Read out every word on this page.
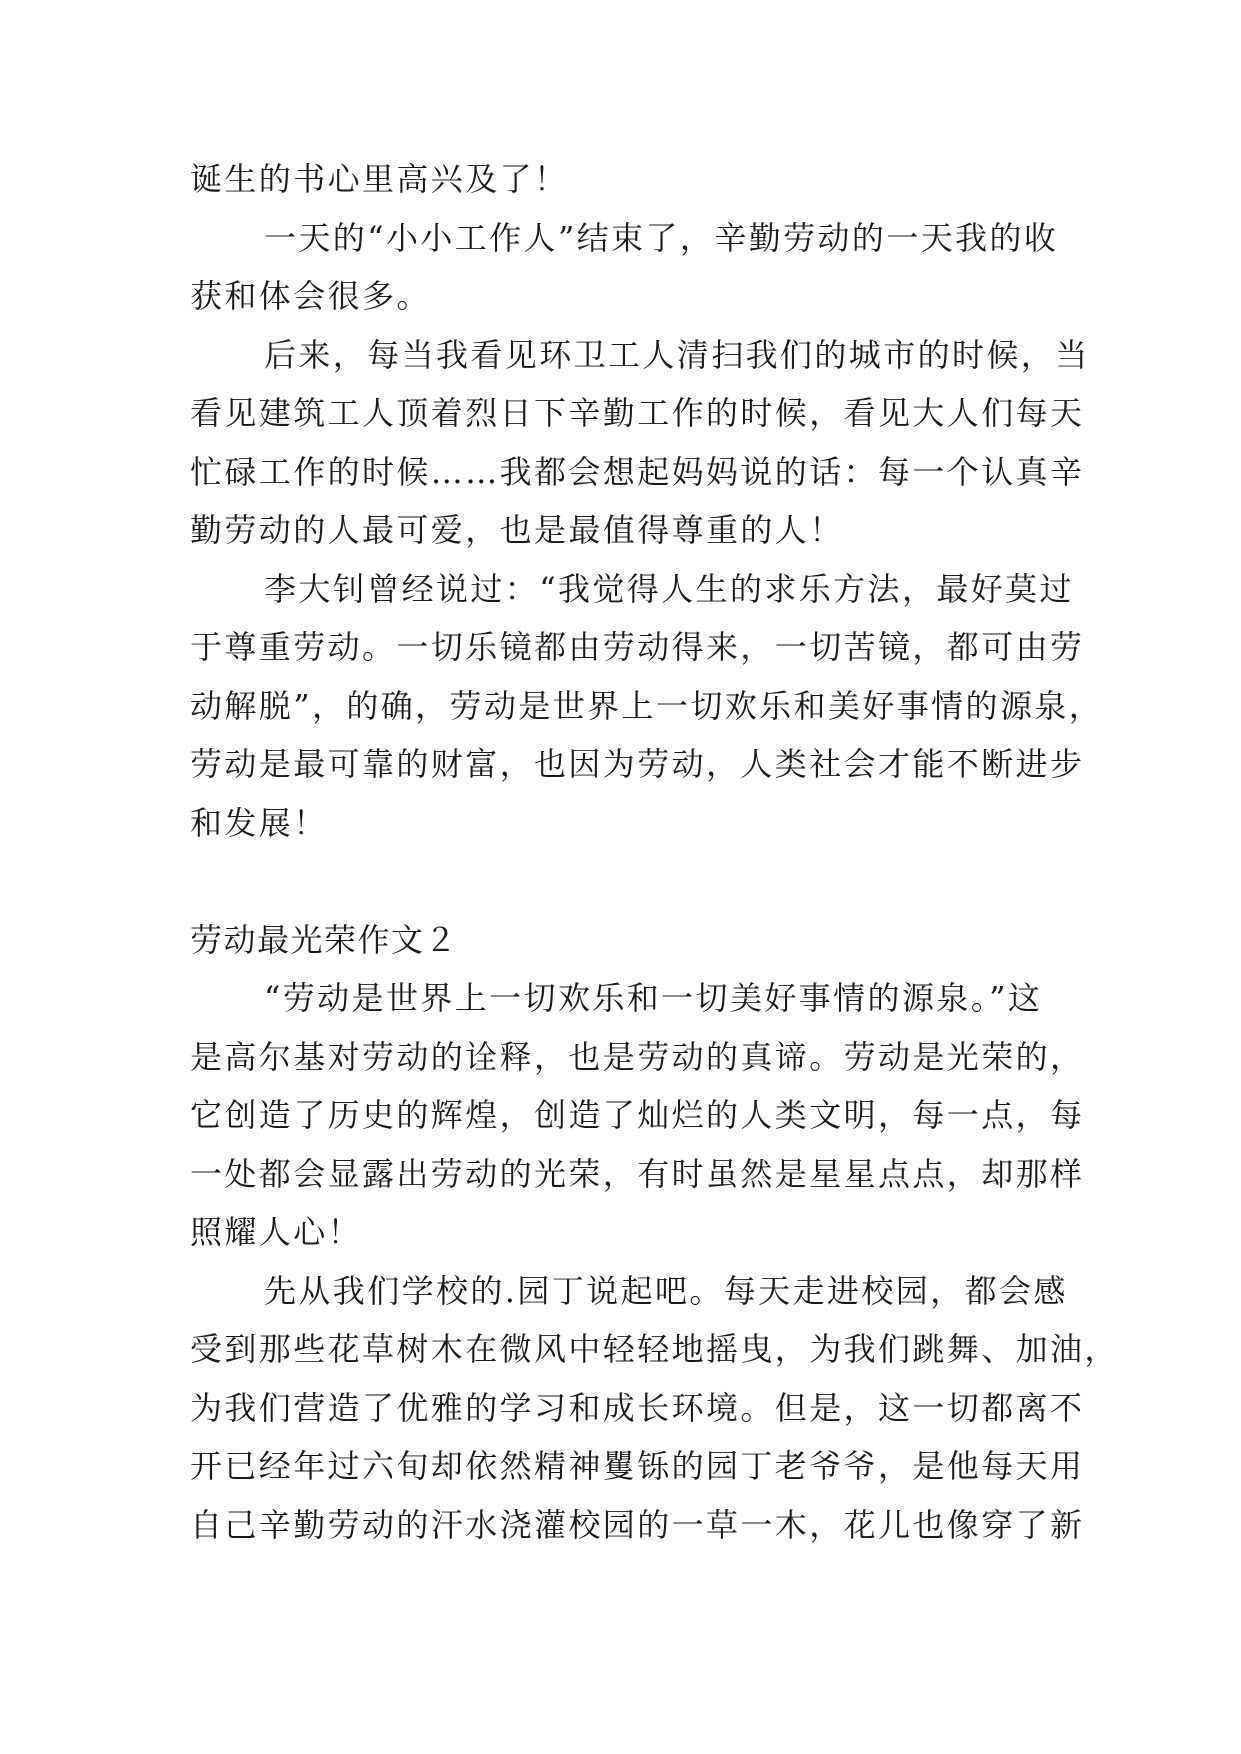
诞生的书心里高兴及了！
一天的“小小工作人”结束了，辛勤劳动的一天我的收
获和体会很多。
后来，每当我看见环卫工人清扫我们的城市的时候，当
看见建筑工人顶着烈日下辛勤工作的时候，看见大人们每天
忙碌工作的时候……我都会想起妈妈说的话：每一个认真辛
勤劳动的人最可爱，也是最值得尊重的人！
李大钊曾经说过：“我觉得人生的求乐方法，最好莫过
于尊重劳动。一切乐镜都由劳动得来，一切苦镜，都可由劳
动解脱”，的确，劳动是世界上一切欢乐和美好事情的源泉，
劳动是最可靠的财富，也因为劳动，人类社会才能不断进步
和发展！
劳动最光荣作文２
“劳动是世界上一切欢乐和一切美好事情的源泉。”这
是高尔基对劳动的诠释，也是劳动的真谛。劳动是光荣的，
它创造了历史的辉煌，创造了灿烂的人类文明，每一点，每
一处都会显露出劳动的光荣，有时虽然是星星点点，却那样
照耀人心！
先从我们学校的.园丁说起吧。每天走进校园，都会感
受到那些花草树木在微风中轻轻地摇曳，为我们跳舞、加油，
为我们营造了优雅的学习和成长环境。但是，这一切都离不
开已经年过六旬却依然精神矍铄的园丁老爷爷，是他每天用
自己辛勤劳动的汗水浇灌校园的一草一木，花儿也像穿了新
